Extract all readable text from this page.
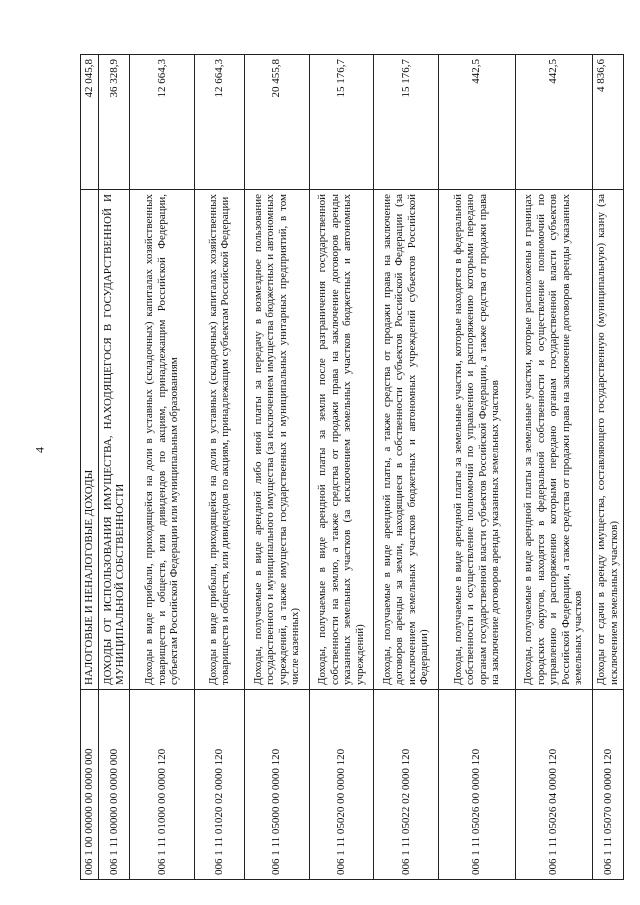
4
006 1 00 00000 00 0000 000	НАЛОГОВЫЕ И НЕНАЛОГОВЫЕ ДОХОДЫ	42 045,8
006 1 11 00000 00 0000 000	ДОХОДЫ ОТ ИСПОЛЬЗОВАНИЯ ИМУЩЕСТВА, НАХОДЯЩЕГОСЯ В ГОСУДАРСТВЕННОЙ И МУНИЦИПАЛЬНОЙ СОБСТВЕННОСТИ	36 328,9
006 1 11 01000 00 0000 120	Доходы в виде прибыли, приходящейся на доли в уставных (складочных) капиталах хозяйственных товариществ и обществ, или дивидендов по акциям, принадлежащим Российской Федерации, субъектам Российской Федерации или муниципальным образованиям	12 664,3
006 1 11 01020 02 0000 120	Доходы в виде прибыли, приходящейся на доли в уставных (складочных) капиталах хозяйственных товариществ и обществ, или дивидендов по акциям, принадлежащим субъектам Российской Федерации	12 664,3
006 1 11 05000 00 0000 120	Доходы, получаемые в виде арендной либо иной платы за передачу в возмездное пользование государственного и муниципального имущества (за исключением имущества бюджетных и автономных учреждений, а также имущества государственных и муниципальных унитарных предприятий, в том числе казенных)	20 455,8
006 1 11 05020 00 0000 120	Доходы, получаемые в виде арендной платы за земли после разграничения государственной собственности на землю, а также средства от продажи права на заключение договоров аренды указанных земельных участков (за исключением земельных участков бюджетных и автономных учреждений)	15 176,7
006 1 11 05022 02 0000 120	Доходы, получаемые в виде арендной платы, а также средства от продажи права на заключение договоров аренды за земли, находящиеся в собственности субъектов Российской Федерации (за исключением земельных участков бюджетных и автономных учреждений субъектов Российской Федерации)	15 176,7
006 1 11 05026 00 0000 120	Доходы, получаемые в виде арендной платы за земельные участки, которые находятся в федеральной собственности и осуществление полномочий по управлению и распоряжению которыми передано органам государственной власти субъектов Российской Федерации, а также средства от продажи права на заключение договоров аренды указанных земельных участков	442,5
006 1 11 05026 04 0000 120	Доходы, получаемые в виде арендной платы за земельные участки, которые расположены в границах городских округов, находятся в федеральной собственности и осуществление полномочий по управлению и распоряжению которыми передано органам государственной власти субъектов Российской Федерации, а также средства от продажи права на заключение договоров аренды указанных земельных участков	442,5
006 1 11 05070 00 0000 120	Доходы от сдачи в аренду имущества, составляющего государственную (муниципальную) казну (за исключением земельных участков)	4 836,6
